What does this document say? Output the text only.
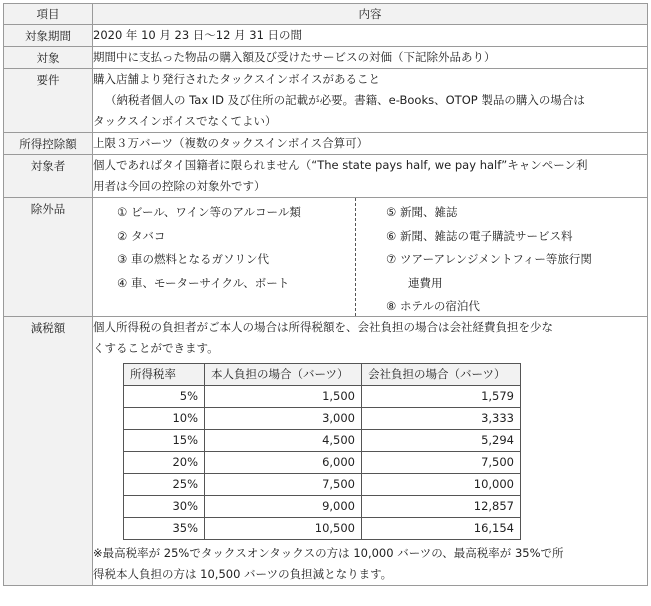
項目	内容
対象期間	2020 年 10 月 23 日～12 月 31 日の間
対象	期間中に支払った物品の購入額及び受けたサービスの対価（下記除外品あり）
要件	購入店舗より発行されたタックスインボイスがあること
（納税者個人の Tax ID 及び住所の記載が必要。書籍、e-Books、OTOP 製品の購入の場合は
タックスインボイスでなくてよい）

所得控除額	上限３万バーツ（複数のタックスインボイス合算可）
対象者	個人であればタイ国籍者に限られません（“The state pays half, we pay half”キャンペーン利
用者は今回の控除の対象外です）

除外品	① ビール、ワイン等のアルコール類
② タバコ
③ 車の燃料となるガソリン代
④ 車、モーターサイクル、ボート
⑤ 新聞、雑誌
⑥ 新聞、雑誌の電子購読サービス料
⑦ ツアーアレンジメントフィー等旅行関
連費用
⑧ ホテルの宿泊代

減税額	個人所得税の負担者がご本人の場合は所得税額を、会社負担の場合は会社経費負担を少な
くすることができます。
所得税率	本人負担の場合（バーツ）	会社負担の場合（バーツ）
5%	1,500	1,579
10%	3,000	3,333
15%	4,500	5,294
20%	6,000	7,500
25%	7,500	10,000
30%	9,000	12,857
35%	10,500	16,154
※最高税率が 25%でタックスオンタックスの方は 10,000 バーツの、最高税率が 35%で所
得税本人負担の方は 10,500 バーツの負担減となります。
